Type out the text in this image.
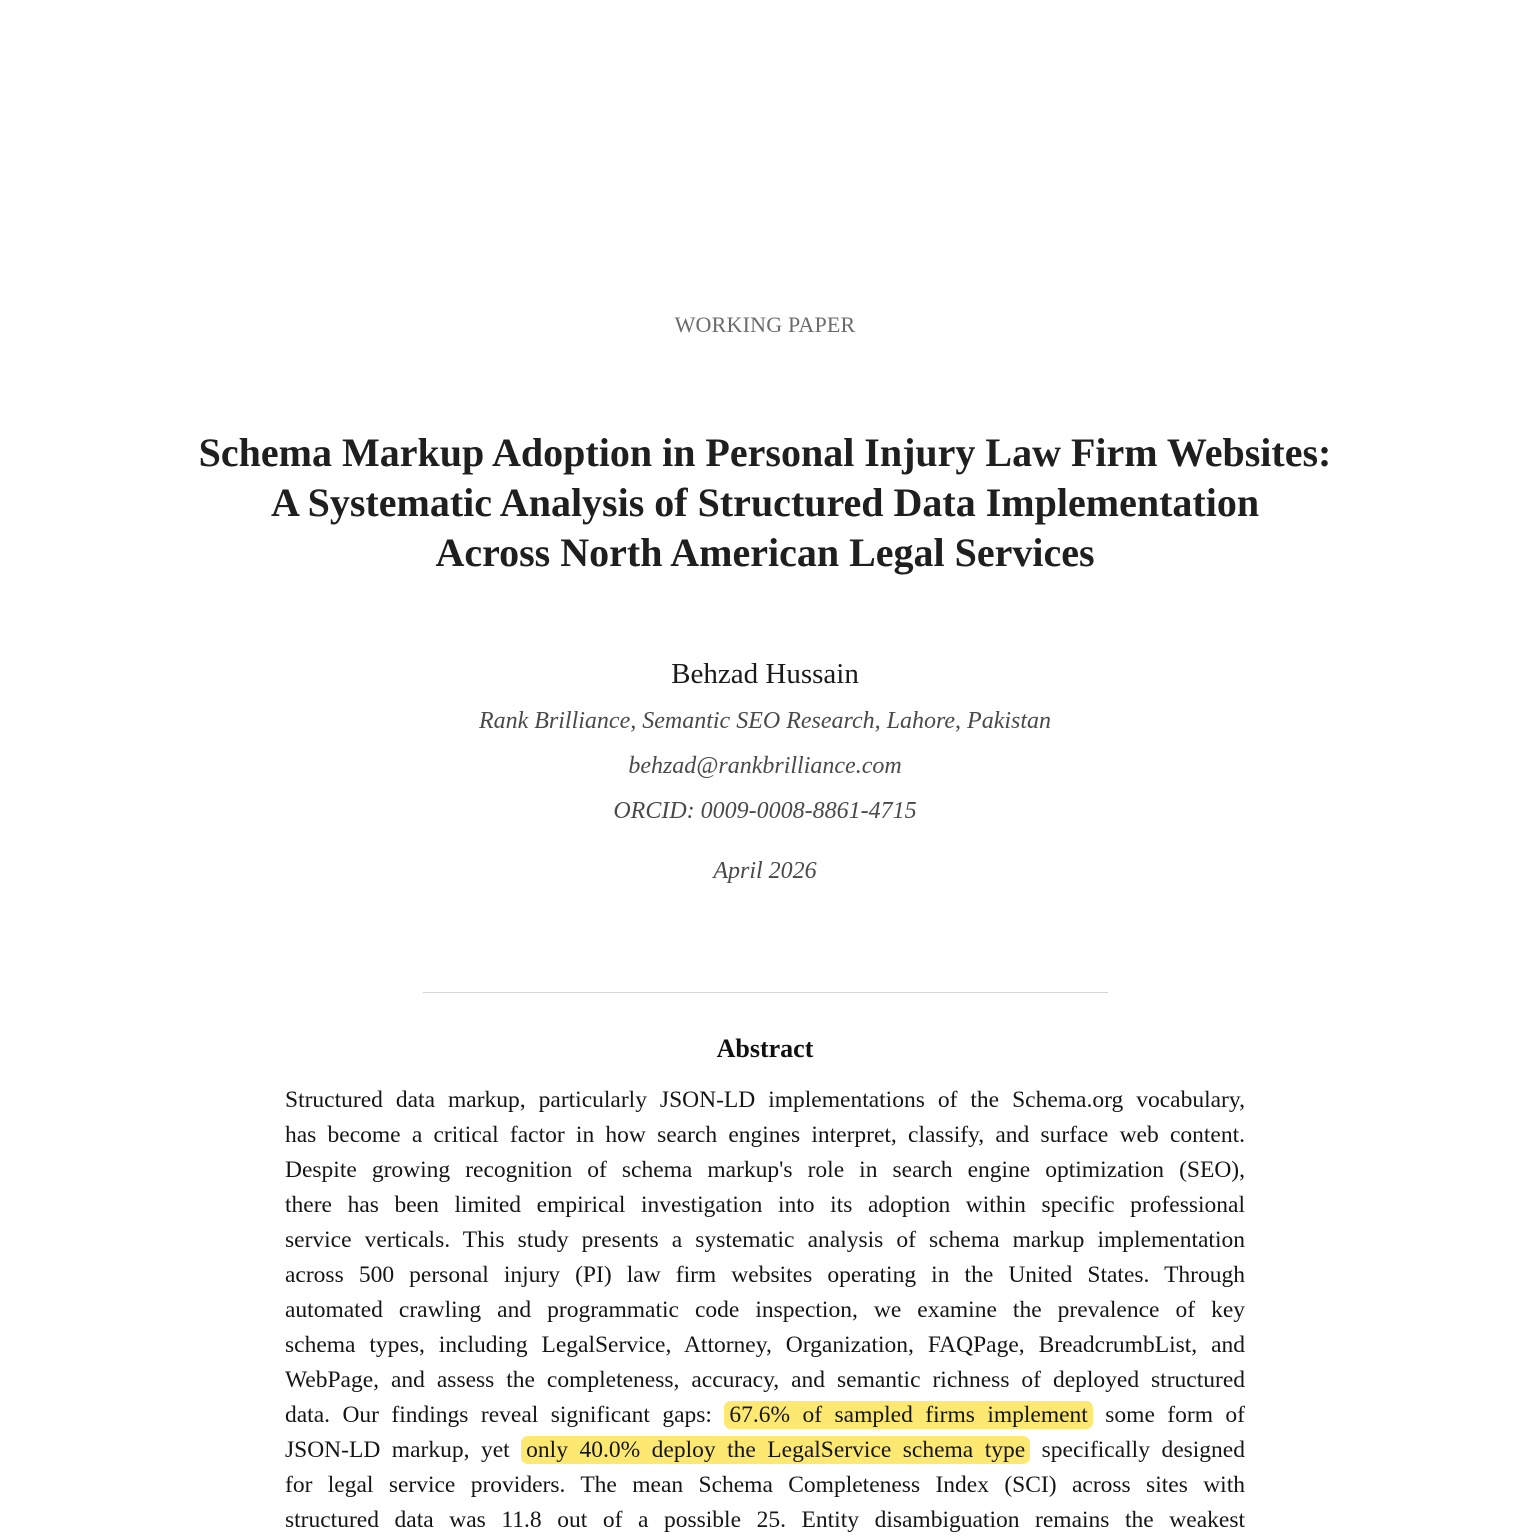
WORKING PAPER
Schema Markup Adoption in Personal Injury Law Firm Websites:
A Systematic Analysis of Structured Data Implementation
Across North American Legal Services
Behzad Hussain
Rank Brilliance, Semantic SEO Research, Lahore, Pakistan
behzad@rankbrilliance.com
ORCID: 0009-0008-8861-4715
April 2026
Abstract
Structured data markup, particularly JSON-LD implementations of the Schema.org vocabulary,
has become a critical factor in how search engines interpret, classify, and surface web content.
Despite growing recognition of schema markup's role in search engine optimization (SEO),
there has been limited empirical investigation into its adoption within specific professional
service verticals. This study presents a systematic analysis of schema markup implementation
across 500 personal injury (PI) law firm websites operating in the United States. Through
automated crawling and programmatic code inspection, we examine the prevalence of key
schema types, including LegalService, Attorney, Organization, FAQPage, BreadcrumbList, and
WebPage, and assess the completeness, accuracy, and semantic richness of deployed structured
data. Our findings reveal significant gaps: 67.6% of sampled firms implement some form of
JSON-LD markup, yet only 40.0% deploy the LegalService schema type specifically designed
for legal service providers. The mean Schema Completeness Index (SCI) across sites with
structured data was 11.8 out of a possible 25. Entity disambiguation remains the weakest
